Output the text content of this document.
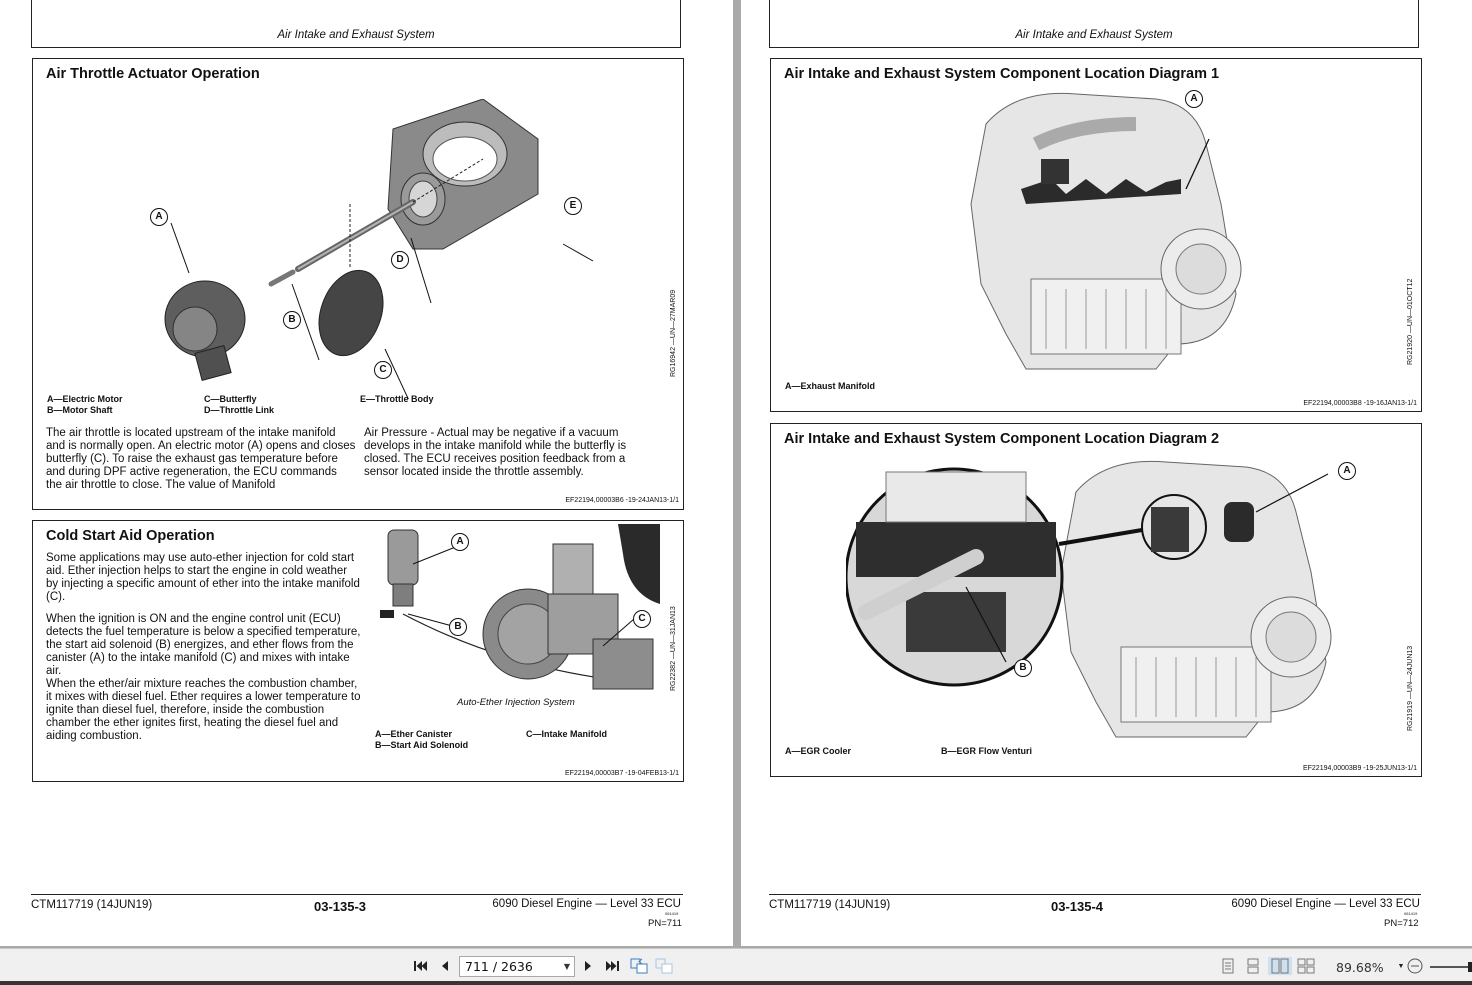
Air Intake and Exhaust System
Air Throttle Actuator Operation
A
B
C
D
E
RG16942 —UN—27MAR09
A—Electric Motor
B—Motor Shaft
C—Butterfly
D—Throttle Link
E—Throttle Body
The air throttle is located upstream of the intake manifold and is normally open. An electric motor (A) opens and closes butterfly (C). To raise the exhaust gas temperature before and during DPF active regeneration, the ECU commands the air throttle to close. The value of Manifold
Air Pressure - Actual may be negative if a vacuum develops in the intake manifold while the butterfly is closed. The ECU receives position feedback from a sensor located inside the throttle assembly.
EF22194,00003B6 -19-24JAN13-1/1
Cold Start Aid Operation

Some applications may use auto-ether injection for cold start aid. Ether injection helps to start the engine in cold weather by injecting a specific amount of ether into the intake manifold (C).

When the ignition is ON and the engine control unit (ECU) detects the fuel temperature is below a specified temperature, the start aid solenoid (B) energizes, and ether flows from the canister (A) to the intake manifold (C) and mixes with intake air.

When the ether/air mixture reaches the combustion chamber, it mixes with diesel fuel. Ether requires a lower temperature to ignite than diesel fuel, therefore, inside the combustion chamber the ether ignites first, heating the diesel fuel and aiding combustion.

A
B
C	RG22382 —UN—31JAN13
Auto-Ether Injection System
A—Ether Canister
B—Start Aid Solenoid
C—Intake Manifold
EF22194,00003B7 -19-04FEB13-1/1
CTM117719 (14JUN19)	03-135-3	6090 Diesel Engine — Level 33 ECU
061419
PN=711
Air Intake and Exhaust System
Air Intake and Exhaust System Component Location Diagram 1
A
RG21920 —UN—01OCT12
A—Exhaust Manifold
EF22194,00003B8 -19-16JAN13-1/1
Air Intake and Exhaust System Component Location Diagram 2
A
B	RG21919 —UN—24JUN13
A—EGR Cooler	B—EGR Flow Venturi
EF22194,00003B9 -19-25JUN13-1/1
CTM117719 (14JUN19)	03-135-4	6090 Diesel Engine — Level 33 ECU
061419
PN=712
711 / 2636	▼	89.68% ▼
